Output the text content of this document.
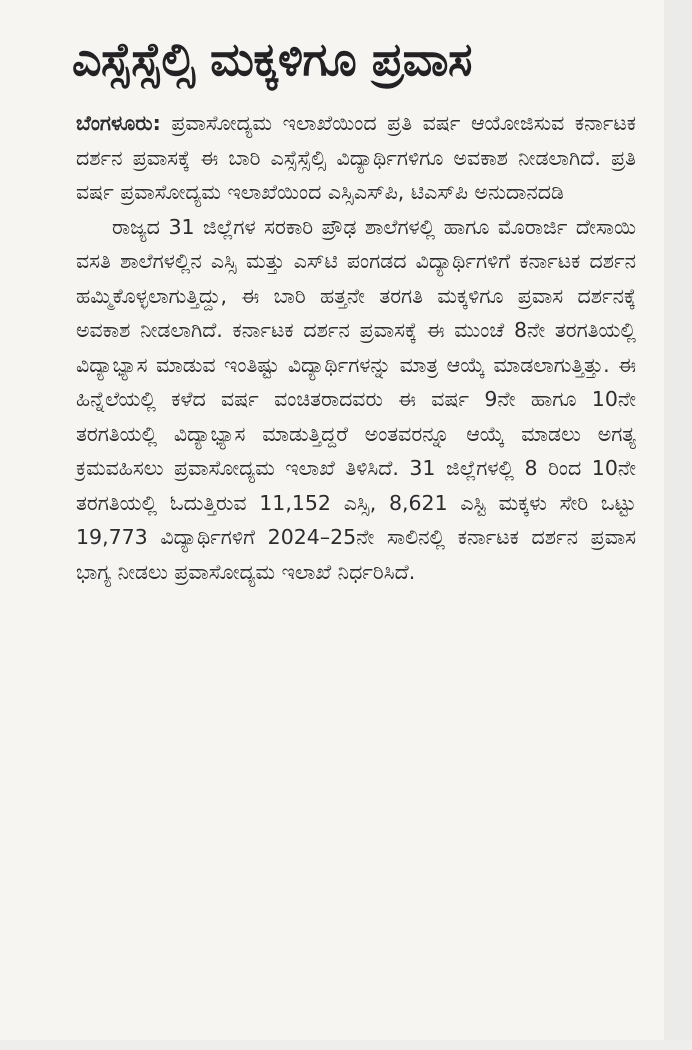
ಎಸ್ಸೆಸ್ಸೆಲ್ಸಿ ಮಕ್ಕಳಿಗೂ ಪ್ರವಾಸ

ಬೆಂಗಳೂರು: ಪ್ರವಾಸೋದ್ಯಮ ಇಲಾಖೆಯಿಂದ ಪ್ರತಿ ವರ್ಷ ಆಯೋಜಿಸುವ ಕರ್ನಾಟಕ ದರ್ಶನ ಪ್ರವಾಸಕ್ಕೆ ಈ ಬಾರಿ ಎಸ್ಸೆಸ್ಸೆಲ್ಸಿ ವಿದ್ಯಾರ್ಥಿಗಳಿಗೂ ಅವಕಾಶ ನೀಡಲಾಗಿದೆ. ಪ್ರತಿ ವರ್ಷ ಪ್ರವಾಸೋದ್ಯಮ ಇಲಾಖೆಯಿಂದ ಎಸ್ಸಿಎಸ್‌ಪಿ, ಟಿಎಸ್‌ಪಿ ಅನುದಾನದಡಿ

ರಾಜ್ಯದ 31 ಜಿಲ್ಲೆಗಳ ಸರಕಾರಿ ಪ್ರೌಢ ಶಾಲೆಗಳಲ್ಲಿ ಹಾಗೂ ಮೊರಾರ್ಜಿ ದೇಸಾಯಿ ವಸತಿ ಶಾಲೆಗಳಲ್ಲಿನ ಎಸ್ಸಿ ಮತ್ತು ಎಸ್‌ಟಿ ಪಂಗಡದ ವಿದ್ಯಾರ್ಥಿಗಳಿಗೆ ಕರ್ನಾಟಕ ದರ್ಶನ ಹಮ್ಮಿಕೊಳ್ಳಲಾಗುತ್ತಿದ್ದು, ಈ ಬಾರಿ ಹತ್ತನೇ ತರಗತಿ ಮಕ್ಕಳಿಗೂ ಪ್ರವಾಸ ದರ್ಶನಕ್ಕೆ ಅವಕಾಶ ನೀಡಲಾಗಿದೆ. ಕರ್ನಾಟಕ ದರ್ಶನ ಪ್ರವಾಸಕ್ಕೆ ಈ ಮುಂಚೆ 8ನೇ ತರಗತಿಯಲ್ಲಿ ವಿದ್ಯಾಭ್ಯಾಸ ಮಾಡುವ ಇಂತಿಷ್ಟು ವಿದ್ಯಾರ್ಥಿಗಳನ್ನು ಮಾತ್ರ ಆಯ್ಕೆ ಮಾಡಲಾಗುತ್ತಿತ್ತು. ಈ ಹಿನ್ನೆಲೆಯಲ್ಲಿ ಕಳೆದ ವರ್ಷ ವಂಚಿತರಾದವರು ಈ ವರ್ಷ 9ನೇ ಹಾಗೂ 10ನೇ ತರಗತಿಯಲ್ಲಿ ವಿದ್ಯಾಭ್ಯಾಸ ಮಾಡುತ್ತಿದ್ದರೆ ಅಂತವರನ್ನೂ ಆಯ್ಕೆ ಮಾಡಲು ಅಗತ್ಯ ಕ್ರಮವಹಿಸಲು ಪ್ರವಾಸೋದ್ಯಮ ಇಲಾಖೆ ತಿಳಿಸಿದೆ. 31 ಜಿಲ್ಲೆಗಳಲ್ಲಿ 8 ರಿಂದ 10ನೇ ತರಗತಿಯಲ್ಲಿ ಓದುತ್ತಿರುವ 11,152 ಎಸ್ಸಿ, 8,621 ಎಸ್ಟಿ ಮಕ್ಕಳು ಸೇರಿ ಒಟ್ಟು 19,773 ವಿದ್ಯಾರ್ಥಿಗಳಿಗೆ 2024–25ನೇ ಸಾಲಿನಲ್ಲಿ ಕರ್ನಾಟಕ ದರ್ಶನ ಪ್ರವಾಸ ಭಾಗ್ಯ ನೀಡಲು ಪ್ರವಾಸೋದ್ಯಮ ಇಲಾಖೆ ನಿರ್ಧರಿಸಿದೆ.
